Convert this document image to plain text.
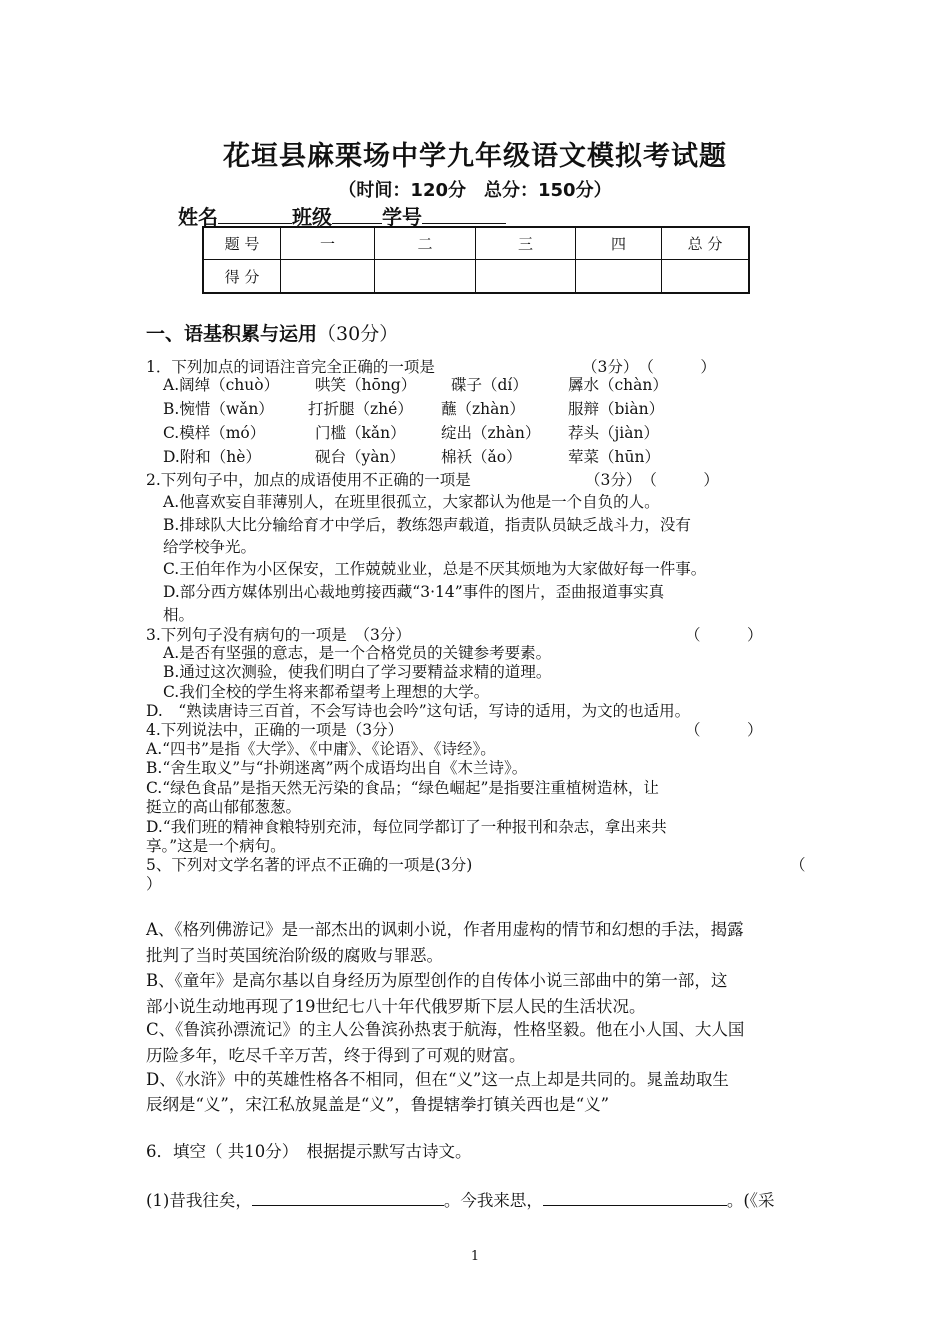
花垣县麻栗场中学九年级语文模拟考试题
（时间：120分　总分：150分）
姓名	班级	学号
题 号	一	二	三	四	总 分
得 分					
一、语基积累与运用（30分）
1．下列加点的词语注音完全正确的一项是	（3分）　（　　　）
A.阔绰（chuò） 哄笑（hōng） 碟子（dí）	羼水（chàn）
B.惋惜（wǎn） 打折腿（zhé） 蘸（zhàn）	服辩（biàn）
C.模样（mó）	门槛（kǎn） 绽出（zhàn） 荐头（jiàn）
D.附和（hè）	砚台（yàn） 棉袄（ǎo）	荤菜（hūn）
2.下列句子中，加点的成语使用不正确的一项是	（3分）　（　　　）
A.他喜欢妄自菲薄别人，在班里很孤立，大家都认为他是一个自负的人。
B.排球队大比分输给育才中学后，教练怨声载道，指责队员缺乏战斗力，没有
给学校争光。
C.王伯年作为小区保安，工作兢兢业业，总是不厌其烦地为大家做好每一件事。
D.部分西方媒体别出心裁地剪接西藏“3·14”事件的图片，歪曲报道事实真
相。
3.下列句子没有病句的一项是　（3分）	（　　　）
A.是否有坚强的意志，是一个合格党员的关键参考要素。
B.通过这次测验，使我们明白了学习要精益求精的道理。
C.我们全校的学生将来都希望考上理想的大学。
D.　“熟读唐诗三百首，不会写诗也会吟”这句话，写诗的适用，为文的也适用。
4.下列说法中，正确的一项是（3分）	（　　　）
A.“四书”是指《大学》、《中庸》、《论语》、《诗经》。
B.“舍生取义”与“扑朔迷离”两个成语均出自《木兰诗》。
C.“绿色食品”是指天然无污染的食品；“绿色崛起”是指要注重植树造林，让
挺立的高山郁郁葱葱。
D.“我们班的精神食粮特别充沛，每位同学都订了一种报刊和杂志，拿出来共
享。”这是一个病句。
5、下列对文学名著的评点不正确的一项是(3分)	（
）
A、《格列佛游记》是一部杰出的讽刺小说，作者用虚构的情节和幻想的手法，揭露
批判了当时英国统治阶级的腐败与罪恶。
B、《童年》是高尔基以自身经历为原型创作的自传体小说三部曲中的第一部，这
部小说生动地再现了19世纪七八十年代俄罗斯下层人民的生活状况。
C、《鲁滨孙漂流记》的主人公鲁滨孙热衷于航海，性格坚毅。他在小人国、大人国
历险多年，吃尽千辛万苦，终于得到了可观的财富。
D、《水浒》中的英雄性格各不相同，但在“义”这一点上却是共同的。晁盖劫取生
辰纲是“义”，宋江私放晁盖是“义”，鲁提辖拳打镇关西也是“义”
6．填空（ 共10分）　根据提示默写古诗文。
(1)昔我往矣，	。今我来思，	。(《采
1
